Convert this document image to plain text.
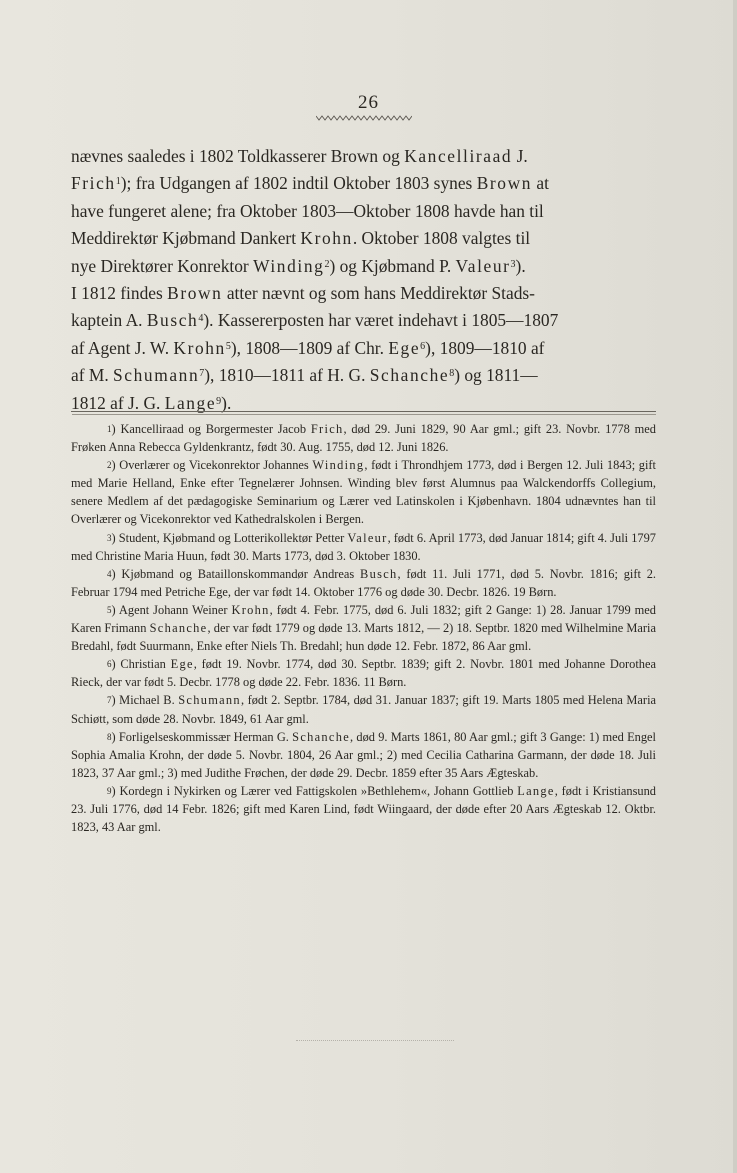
26
nævnes saaledes i 1802 Toldkasserer Brown og Kancelliraad J.
Frich$^1$); fra Udgangen af 1802 indtil Oktober 1803 synes Brown at
have fungeret alene; fra Oktober 1803—Oktober 1808 havde han til
Meddirektør Kjøbmand Dankert Krohn. Oktober 1808 valgtes til
nye Direktører Konrektor Winding$^2$) og Kjøbmand P. Valeur$^3$).
I 1812 findes Brown atter nævnt og som hans Meddirektør Stads-
kaptein A. Busch$^4$). Kassererposten har været indehavt i 1805—1807
af Agent J. W. Krohn$^5$), 1808—1809 af Chr. Ege$^6$), 1809—1810 af
af M. Schumann$^7$), 1810—1811 af H. G. Schanche$^8$) og 1811—
1812 af J. G. Lange$^9$).

$^1$) Kancelliraad og Borgermester Jacob Frich, død 29. Juni 1829, 90 Aar gml.; gift 23. Novbr. 1778 med Frøken Anna Rebecca Gyldenkrantz, født 30. Aug. 1755, død 12. Juni 1826.

$^2$) Overlærer og Vicekonrektor Johannes Winding, født i Throndhjem 1773, død i Bergen 12. Juli 1843; gift med Marie Helland, Enke efter Tegnelærer Johnsen. Winding blev først Alumnus paa Walckendorffs Collegium, senere Medlem af det pædagogiske Seminarium og Lærer ved Latinskolen i Kjøbenhavn. 1804 udnævntes han til Overlærer og Vicekonrektor ved Kathedralskolen i Bergen.

$^3$) Student, Kjøbmand og Lotterikollektør Petter Valeur, født 6. April 1773, død Januar 1814; gift 4. Juli 1797 med Christine Maria Huun, født 30. Marts 1773, død 3. Oktober 1830.

$^4$) Kjøbmand og Bataillonskommandør Andreas Busch, født 11. Juli 1771, død 5. Novbr. 1816; gift 2. Februar 1794 med Petriche Ege, der var født 14. Oktober 1776 og døde 30. Decbr. 1826. 19 Børn.

$^5$) Agent Johann Weiner Krohn, født 4. Febr. 1775, død 6. Juli 1832; gift 2 Gange: 1) 28. Januar 1799 med Karen Frimann Schanche, der var født 1779 og døde 13. Marts 1812, — 2) 18. Septbr. 1820 med Wilhelmine Maria Bredahl, født Suurmann, Enke efter Niels Th. Bredahl; hun døde 12. Febr. 1872, 86 Aar gml.

$^6$) Christian Ege, født 19. Novbr. 1774, død 30. Septbr. 1839; gift 2. Novbr. 1801 med Johanne Dorothea Rieck, der var født 5. Decbr. 1778 og døde 22. Febr. 1836. 11 Børn.

$^7$) Michael B. Schumann, født 2. Septbr. 1784, død 31. Januar 1837; gift 19. Marts 1805 med Helena Maria Schiøtt, som døde 28. Novbr. 1849, 61 Aar gml.

$^8$) Forligelseskommissær Herman G. Schanche, død 9. Marts 1861, 80 Aar gml.; gift 3 Gange: 1) med Engel Sophia Amalia Krohn, der døde 5. Novbr. 1804, 26 Aar gml.; 2) med Cecilia Catharina Garmann, der døde 18. Juli 1823, 37 Aar gml.; 3) med Judithe Frøchen, der døde 29. Decbr. 1859 efter 35 Aars Ægteskab.

$^9$) Kordegn i Nykirken og Lærer ved Fattigskolen »Bethlehem«, Johann Gottlieb Lange, født i Kristiansund 23. Juli 1776, død 14 Febr. 1826; gift med Karen Lind, født Wiingaard, der døde efter 20 Aars Ægteskab 12. Oktbr. 1823, 43 Aar gml.
